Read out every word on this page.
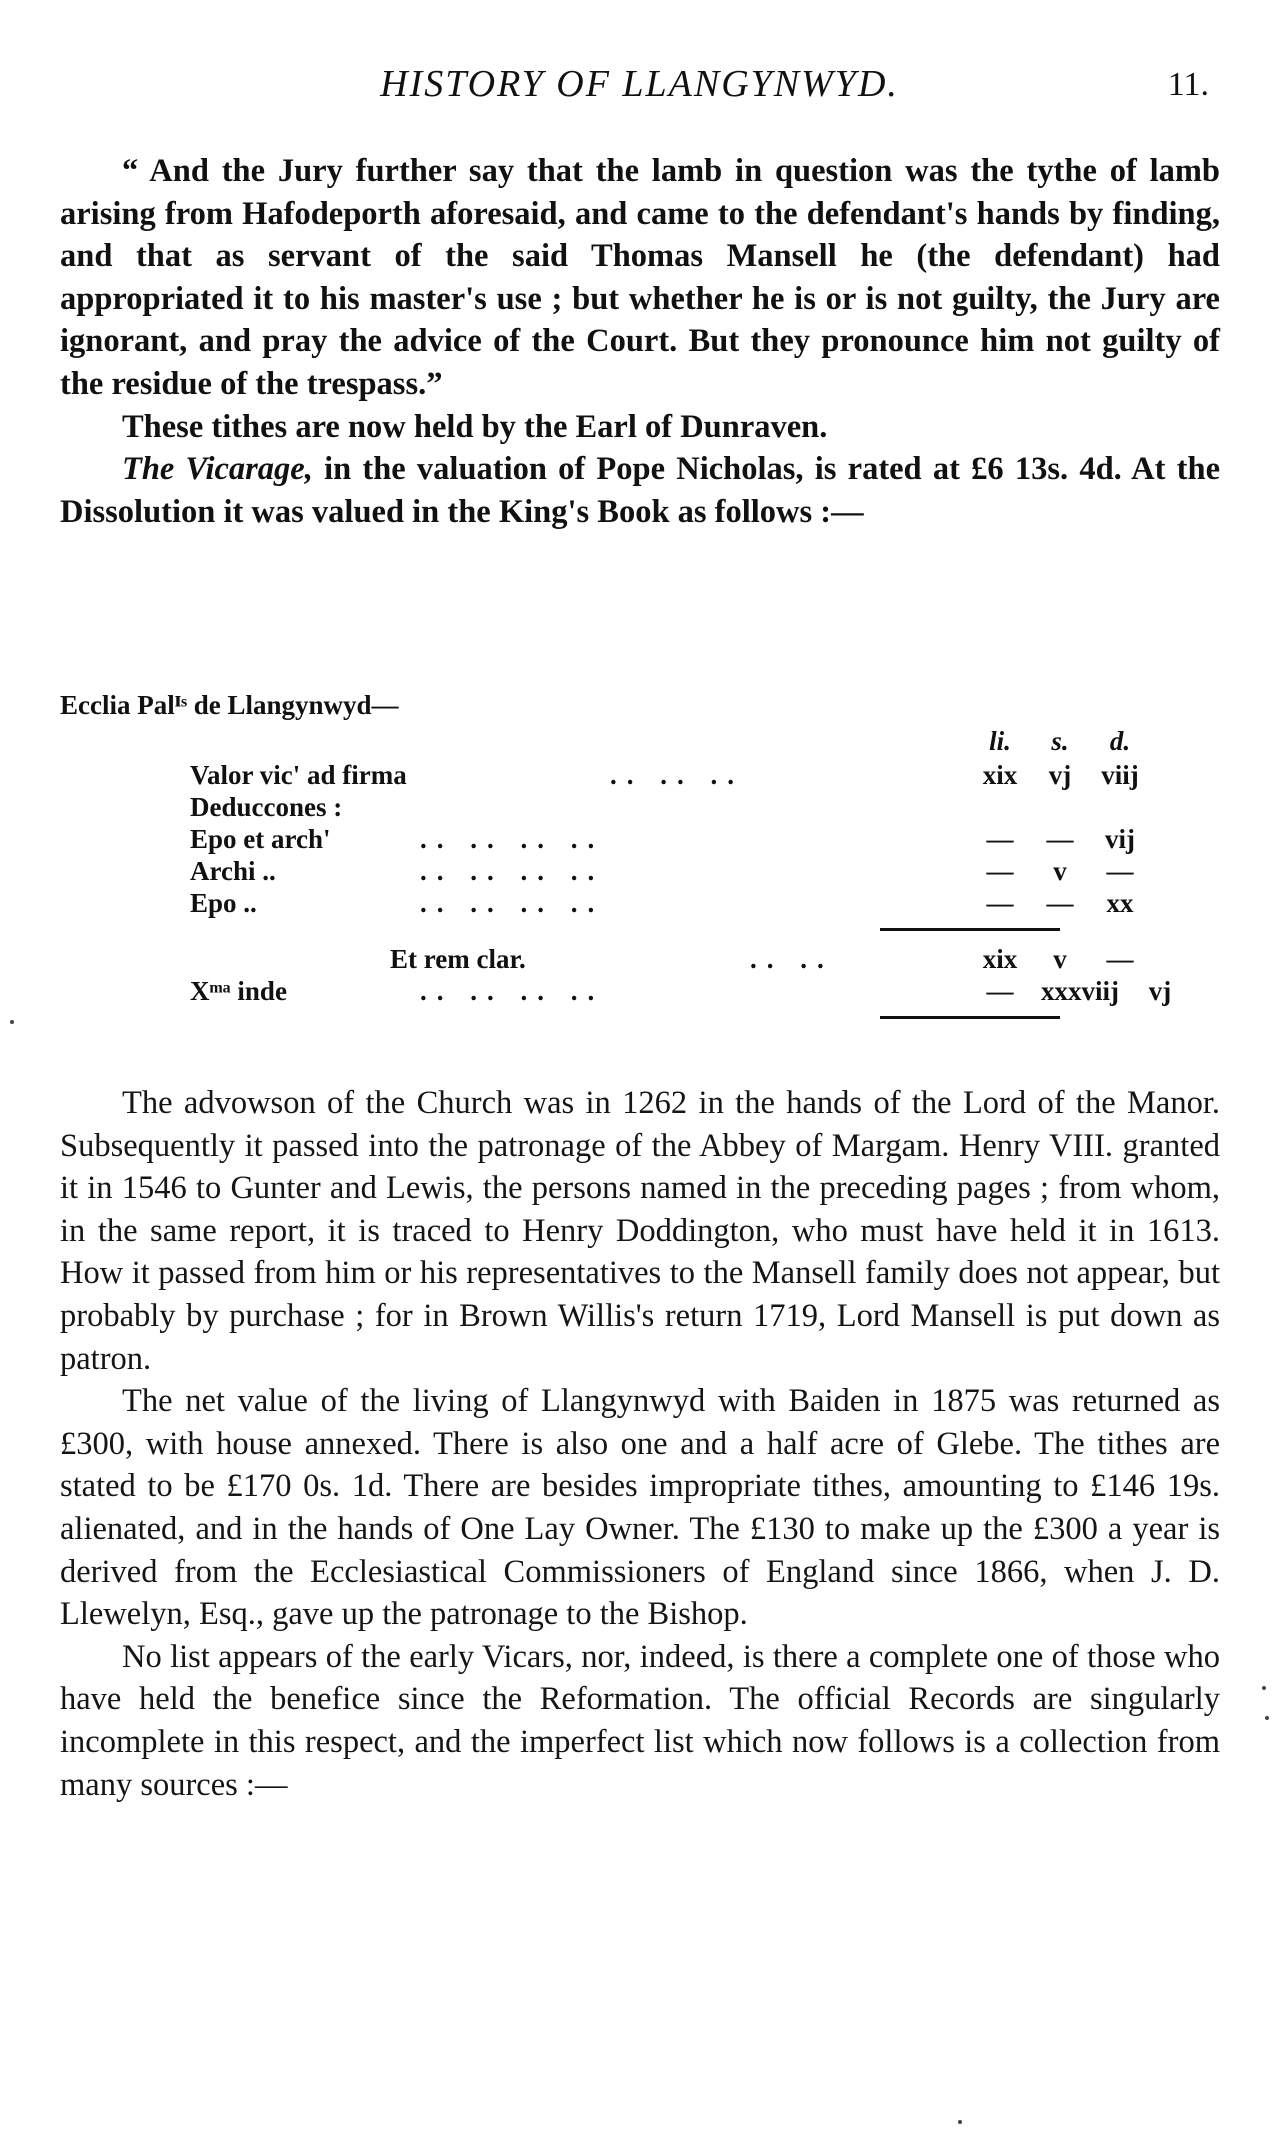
HISTORY OF LLANGYNWYD.	11.

“ And the Jury further say that the lamb in question was the tythe of lamb arising from Hafodeporth aforesaid, and came to the defendant's hands by finding, and that as servant of the said Thomas Mansell he (the defendant) had appropriated it to his master's use ; but whether he is or is not guilty, the Jury are ignorant, and pray the advice of the Court. But they pronounce him not guilty of the residue of the trespass.”

These tithes are now held by the Earl of Dunraven.

The Vicarage, in the valuation of Pope Nicholas, is rated at £6 13s. 4d. At the Dissolution it was valued in the King's Book as follows :—

Ecclia Palᴵˢ de Llangynwyd—
li.	s.	d.
Valor vic' ad firma	.. .. ..	xix	vj	viij
Deduccones :
Epo et arch'	.. .. .. ..	—	—	vij
Archi ..	.. .. .. ..	—	v	—
Epo ..	.. .. .. ..	—	—	xx
Et rem clar.	.. ..	xix	v	—
Xᵐᵃ inde	.. .. .. ..	—	xxxviij	vj

The advowson of the Church was in 1262 in the hands of the Lord of the Manor. Subsequently it passed into the patronage of the Abbey of Margam. Henry VIII. granted it in 1546 to Gunter and Lewis, the persons named in the preceding pages ; from whom, in the same report, it is traced to Henry Doddington, who must have held it in 1613. How it passed from him or his representatives to the Mansell family does not appear, but probably by purchase ; for in Brown Willis's return 1719, Lord Mansell is put down as patron.

The net value of the living of Llangynwyd with Baiden in 1875 was returned as £300, with house annexed. There is also one and a half acre of Glebe. The tithes are stated to be £170 0s. 1d. There are besides impropriate tithes, amounting to £146 19s. alienated, and in the hands of One Lay Owner. The £130 to make up the £300 a year is derived from the Ecclesiastical Commissioners of England since 1866, when J. D. Llewelyn, Esq., gave up the patronage to the Bishop.

No list appears of the early Vicars, nor, indeed, is there a complete one of those who have held the benefice since the Reformation. The official Records are singularly incomplete in this respect, and the imperfect list which now follows is a collection from many sources :—
